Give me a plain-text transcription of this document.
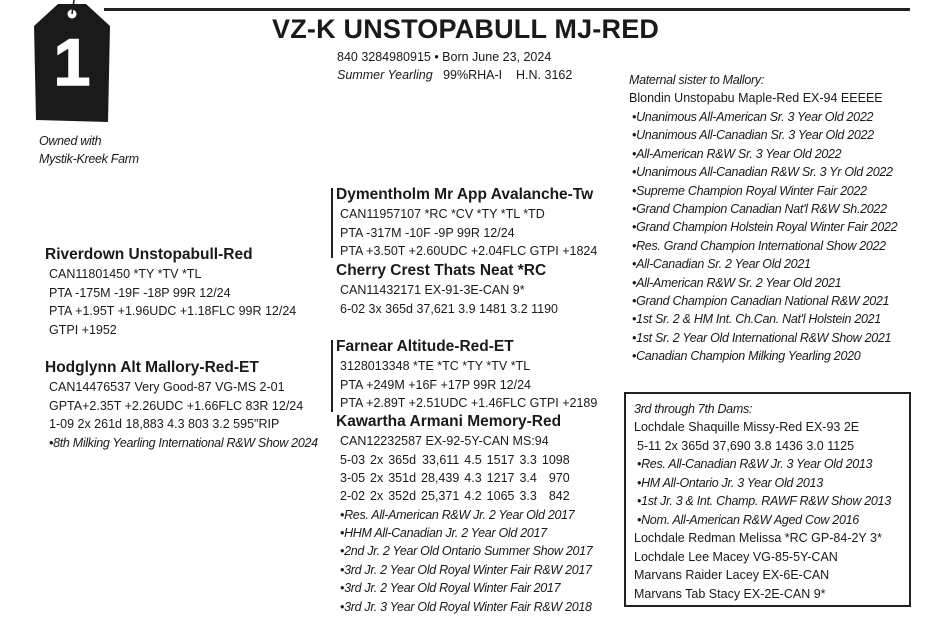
1	VZ-K UNSTOPABULL MJ-RED
840 3284980915 • Born June 23, 2024
Summer Yearling 99%RHA-I H.N. 3162
Owned with
Mystik-Kreek Farm
Riverdown Unstopabull-Red
CAN11801450 *TY *TV *TL
PTA -175M -19F -18P 99R 12/24
PTA +1.95T +1.96UDC +1.18FLC 99R 12/24
GTPI +1952
Hodglynn Alt Mallory-Red-ET
CAN14476537 Very Good-87 VG-MS 2-01
GPTA+2.35T +2.26UDC +1.66FLC 83R 12/24
1-09 2x 261d 18,883 4.3 803 3.2 595"RIP
•8th Milking Yearling International R&W Show 2024
Dymentholm Mr App Avalanche-Tw
CAN11957107 *RC *CV *TY *TL *TD
PTA -317M -10F -9P 99R 12/24
PTA +3.50T +2.60UDC +2.04FLC GTPI +1824
Cherry Crest Thats Neat *RC
CAN11432171 EX-91-3E-CAN 9*
6-02 3x 365d 37,621 3.9 1481 3.2 1190
Farnear Altitude-Red-ET
3128013348 *TE *TC *TY *TV *TL
PTA +249M +16F +17P 99R 12/24
PTA +2.89T +2.51UDC +1.46FLC GTPI +2189
Kawartha Armani Memory-Red
CAN12232587 EX-92-5Y-CAN MS:94
5-03	2x	365d	33,611	4.5	1517	3.3	1098
3-05	2x	351d	28,439	4.3	1217	3.4	970
2-02	2x	352d	25,371	4.2	1065	3.3	842
•Res. All-American R&W Jr. 2 Year Old 2017
•HHM All-Canadian Jr. 2 Year Old 2017
•2nd Jr. 2 Year Old Ontario Summer Show 2017
•3rd Jr. 2 Year Old Royal Winter Fair R&W 2017
•3rd Jr. 2 Year Old Royal Winter Fair 2017
•3rd Jr. 3 Year Old Royal Winter Fair R&W 2018
Maternal sister to Mallory:
Blondin Unstopabu Maple-Red EX-94 EEEEE
•Unanimous All-American Sr. 3 Year Old 2022
•Unanimous All-Canadian Sr. 3 Year Old 2022
•All-American R&W Sr. 3 Year Old 2022
•Unanimous All-Canadian R&W Sr. 3 Yr Old 2022
•Supreme Champion Royal Winter Fair 2022
•Grand Champion Canadian Nat'l R&W Sh.2022
•Grand Champion Holstein Royal Winter Fair 2022
•Res. Grand Champion International Show 2022
•All-Canadian Sr. 2 Year Old 2021
•All-American R&W Sr. 2 Year Old 2021
•Grand Champion Canadian National R&W 2021
•1st Sr. 2 & HM Int. Ch.Can. Nat'l Holstein 2021
•1st Sr. 2 Year Old International R&W Show 2021
•Canadian Champion Milking Yearling 2020
3rd through 7th Dams:
Lochdale Shaquille Missy-Red EX-93 2E
5-11 2x 365d 37,690 3.8 1436 3.0 1125
•Res. All-Canadian R&W Jr. 3 Year Old 2013
•HM All-Ontario Jr. 3 Year Old 2013
•1st Jr. 3 & Int. Champ. RAWF R&W Show 2013
•Nom. All-American R&W Aged Cow 2016
Lochdale Redman Melissa *RC GP-84-2Y 3*
Lochdale Lee Macey VG-85-5Y-CAN
Marvans Raider Lacey EX-6E-CAN
Marvans Tab Stacy EX-2E-CAN 9*
